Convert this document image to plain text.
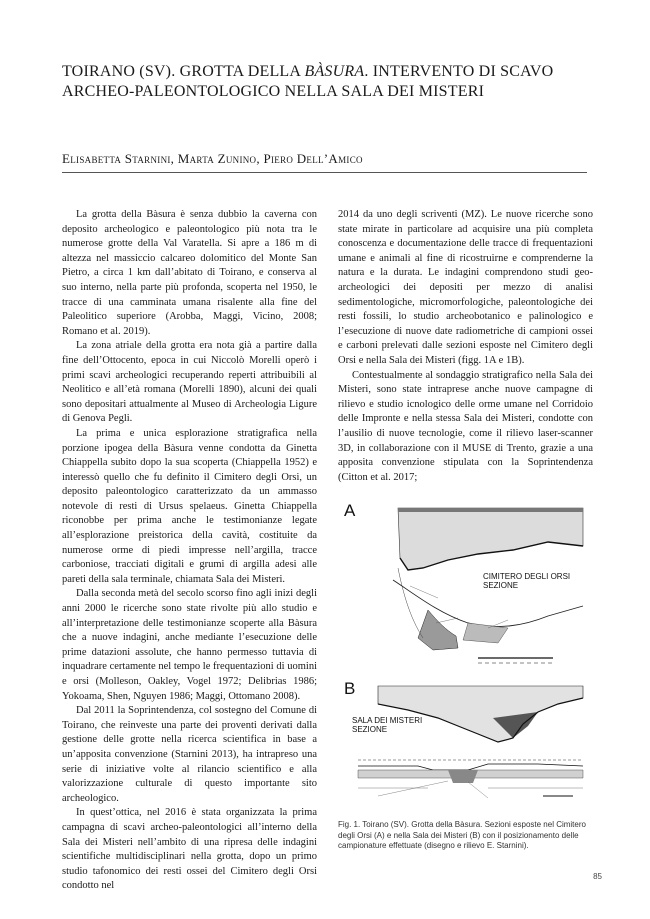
TOIRANO (SV). GROTTA DELLA BÀSURA. INTERVENTO DI SCAVO ARCHEO-PALEONTOLOGICO NELLA SALA DEI MISTERI
Elisabetta Starnini, Marta Zunino, Piero Dell’Amico

La grotta della Bàsura è senza dubbio la caverna con deposito archeologico e paleontologico più nota tra le numerose grotte della Val Varatella. Si apre a 186 m di altezza nel massiccio calcareo dolomitico del Monte San Pietro, a circa 1 km dall’abitato di Toirano, e conserva al suo interno, nella parte più profonda, scoperta nel 1950, le tracce di una camminata umana risalente alla fine del Paleolitico superiore (Arobba, Maggi, Vicino, 2008; Romano et al. 2019).

La zona atriale della grotta era nota già a partire dalla fine dell’Ottocento, epoca in cui Niccolò Morelli operò i primi scavi archeologici recuperando reperti attribuibili al Neolitico e all’età romana (Morelli 1890), alcuni dei quali sono depositari attualmente al Museo di Archeologia Ligure di Genova Pegli.

La prima e unica esplorazione stratigrafica nella porzione ipogea della Bàsura venne condotta da Ginetta Chiappella subito dopo la sua scoperta (Chiappella 1952) e interessò quello che fu definito il Cimitero degli Orsi, un deposito paleontologico caratterizzato da un ammasso notevole di resti di Ursus spelaeus. Ginetta Chiappella riconobbe per prima anche le testimonianze legate all’esplorazione preistorica della cavità, costituite da numerose orme di piedi impresse nell’argilla, tracce carboniose, tracciati digitali e grumi di argilla adesi alle pareti della sala terminale, chiamata Sala dei Misteri.

Dalla seconda metà del secolo scorso fino agli inizi degli anni 2000 le ricerche sono state rivolte più allo studio e all’interpretazione delle testimonianze scoperte alla Bàsura che a nuove indagini, anche mediante l’esecuzione delle prime datazioni assolute, che hanno permesso tuttavia di inquadrare certamente nel tempo le frequentazioni di uomini e orsi (Molleson, Oakley, Vogel 1972; Delibrias 1986; Yokoama, Shen, Nguyen 1986; Maggi, Ottomano 2008).

Dal 2011 la Soprintendenza, col sostegno del Comune di Toirano, che reinveste una parte dei proventi derivati dalla gestione delle grotte nella ricerca scientifica in base a un’apposita convenzione (Starnini 2013), ha intrapreso una serie di iniziative volte al rilancio scientifico e alla valorizzazione culturale di questo importante sito archeologico.

In quest’ottica, nel 2016 è stata organizzata la prima campagna di scavi archeo-paleontologici all’interno della Sala dei Misteri nell’ambito di una ripresa delle indagini scientifiche multidisciplinari nella grotta, dopo un primo studio tafonomico dei resti ossei del Cimitero degli Orsi condotto nel

2014 da uno degli scriventi (MZ). Le nuove ricerche sono state mirate in particolare ad acquisire una più completa conoscenza e documentazione delle tracce di frequentazioni umane e animali al fine di ricostruirne e comprenderne la natura e la durata. Le indagini comprendono studi geo-archeologici dei depositi per mezzo di analisi sedimentologiche, micromorfologiche, paleontologiche dei resti fossili, lo studio archeobotanico e palinologico e l’esecuzione di nuove date radiometriche di campioni ossei e carboni prelevati dalle sezioni esposte nel Cimitero degli Orsi e nella Sala dei Misteri (figg. 1A e 1B).

Contestualmente al sondaggio stratigrafico nella Sala dei Misteri, sono state intraprese anche nuove campagne di rilievo e studio icnologico delle orme umane nel Corridoio delle Impronte e nella stessa Sala dei Misteri, condotte con l’ausilio di nuove tecnologie, come il rilievo laser-scanner 3D, in collaborazione con il MUSE di Trento, grazie a una apposita convenzione stipulata con la Soprintendenza (Citton et al. 2017;

A
CIMITERO DEGLI ORSI
SEZIONE
B
SALA DEI MISTERI
SEZIONE
Fig. 1. Toirano (SV). Grotta della Bàsura. Sezioni esposte nel Cimitero degli Orsi (A) e nella Sala dei Misteri (B) con il posizionamento delle campionature effettuate (disegno e rilievo E. Starnini).
85
